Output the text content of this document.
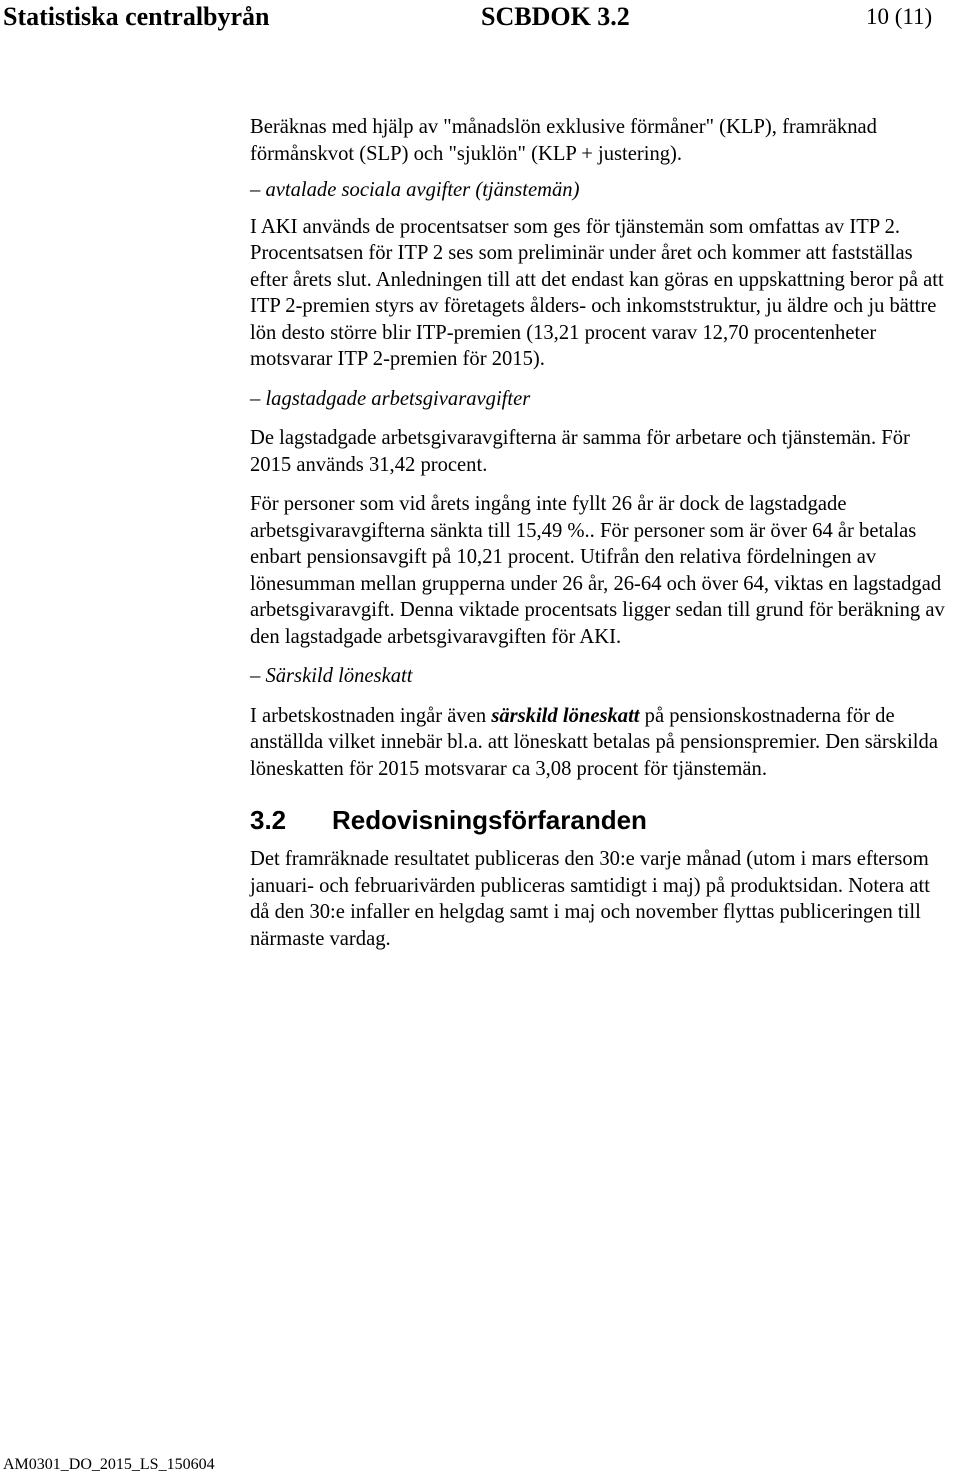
Statistiska centralbyrån	SCBDOK 3.2	10 (11)

Beräknas med hjälp av "månadslön exklusive förmåner" (KLP), framräknad förmånskvot (SLP) och "sjuklön" (KLP + justering).

– avtalade sociala avgifter (tjänstemän)

I AKI används de procentsatser som ges för tjänstemän som omfattas av ITP 2. Procentsatsen för ITP 2 ses som preliminär under året och kommer att fastställas efter årets slut. Anledningen till att det endast kan göras en uppskattning beror på att ITP 2-premien styrs av företagets ålders- och inkomststruktur, ju äldre och ju bättre lön desto större blir ITP-premien (13,21 procent varav 12,70 procentenheter motsvarar ITP 2-premien för 2015).

– lagstadgade arbetsgivaravgifter

De lagstadgade arbetsgivaravgifterna är samma för arbetare och tjänstemän. För 2015 används 31,42 procent.

För personer som vid årets ingång inte fyllt 26 år är dock de lagstadgade arbetsgivaravgifterna sänkta till 15,49 %.. För personer som är över 64 år betalas enbart pensionsavgift på 10,21 procent. Utifrån den relativa fördelningen av lönesumman mellan grupperna under 26 år, 26-64 och över 64, viktas en lagstadgad arbetsgivaravgift. Denna viktade procentsats ligger sedan till grund för beräkning av den lagstadgade arbetsgivaravgiften för AKI.

– Särskild löneskatt

I arbetskostnaden ingår även särskild löneskatt på pensionskostnaderna för de anställda vilket innebär bl.a. att löneskatt betalas på pensionspremier. Den särskilda löneskatten för 2015 motsvarar ca 3,08 procent för tjänstemän.

3.2	Redovisningsförfaranden

Det framräknade resultatet publiceras den 30:e varje månad (utom i mars eftersom januari- och februarivärden publiceras samtidigt i maj) på produktsidan. Notera att då den 30:e infaller en helgdag samt i maj och november flyttas publiceringen till närmaste vardag.

AM0301_DO_2015_LS_150604
